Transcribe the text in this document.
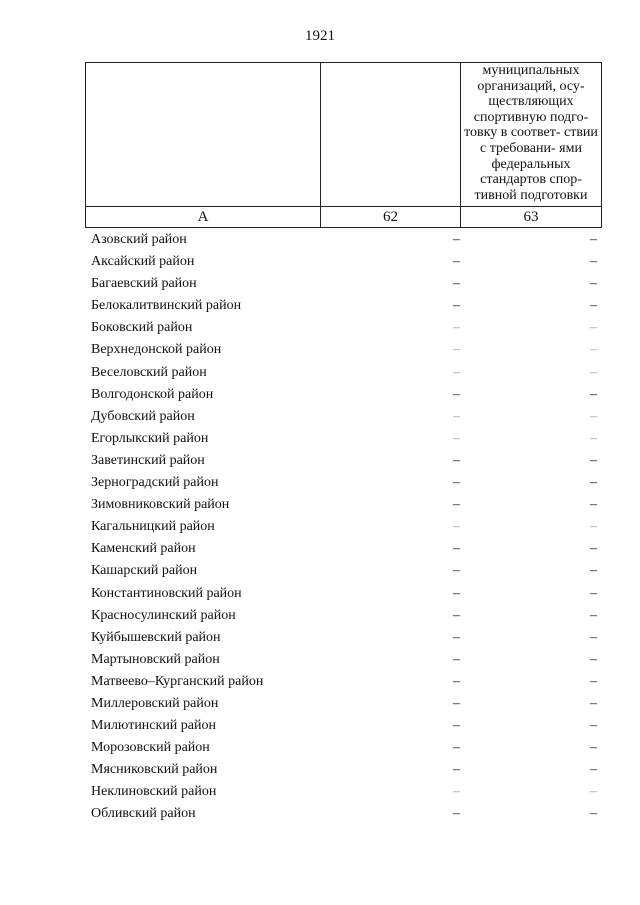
1921

		муниципальных организаций, осу- ществляющих спортивную подго- товку в соответ- ствии с требовани- ями федеральных стандартов спор- тивной подготовки

А	62	63
Азовский район	–	–
Аксайский район	–	–
Багаевский район	–	–
Белокалитвинский район	–	–
Боковский район	–	–
Верхнедонской район	–	–
Веселовский район	–	–
Волгодонской район	–	–
Дубовский район	–	–
Егорлыкский район	–	–
Заветинский район	–	–
Зерноградский район	–	–
Зимовниковский район	–	–
Кагальницкий район	–	–
Каменский район	–	–
Кашарский район	–	–
Константиновский район	–	–
Красносулинский район	–	–
Куйбышевский район	–	–
Мартыновский район	–	–
Матвеево–Курганский район	–	–
Миллеровский район	–	–
Милютинский район	–	–
Морозовский район	–	–
Мясниковский район	–	–
Неклиновский район	–	–
Обливский район	–	–
